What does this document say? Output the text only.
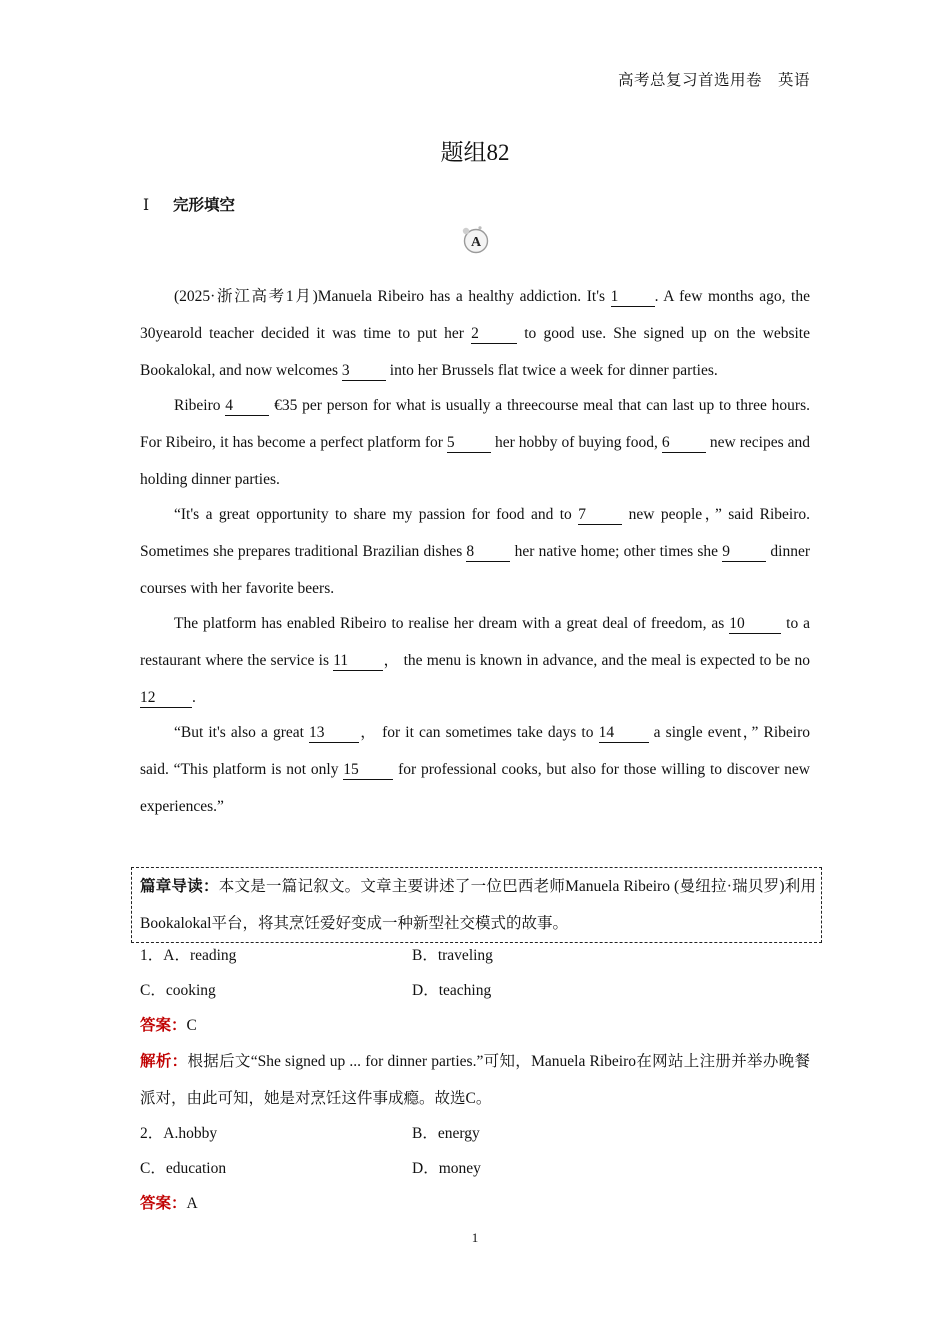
高考总复习首选用卷　英语
题组82
Ⅰ 完形填空
A

(2025·浙江高考1月)Manuela Ribeiro has a healthy addiction. It's 1 . A few months ago, the 30yearold teacher decided it was time to put her 2 to good use. She signed up on the website Bookalokal, and now welcomes 3 into her Brussels flat twice a week for dinner parties.

Ribeiro 4 €35 per person for what is usually a threecourse meal that can last up to three hours. For Ribeiro, it has become a perfect platform for 5 her hobby of buying food, 6 new recipes and holding dinner parties.

“It's a great opportunity to share my passion for food and to 7 new people，” said Ribeiro. Sometimes she prepares traditional Brazilian dishes 8 her native home; other times she 9 dinner courses with her favorite beers.

The platform has enabled Ribeiro to realise her dream with a great deal of freedom, as 10 to a restaurant where the service is 11 ， the menu is known in advance, and the meal is expected to be no 12 .

“But it's also a great 13 ， for it can sometimes take days to 14 a single event，” Ribeiro said. “This platform is not only 15 for professional cooks, but also for those willing to discover new experiences.”

篇章导读：本文是一篇记叙文。文章主要讲述了一位巴西老师Manuela Ribeiro (曼纽拉·瑞贝罗)利用Bookalokal平台，将其烹饪爱好变成一种新型社交模式的故事。
1．A．reading	B．traveling
C．cooking	D．teaching
答案：C
解析：根据后文“She signed up ... for dinner parties.”可知，Manuela Ribeiro在网站上注册并举办晚餐派对，由此可知，她是对烹饪这件事成瘾。故选C。
2．A.hobby	B．energy
C．education	D．money
答案：A
1
